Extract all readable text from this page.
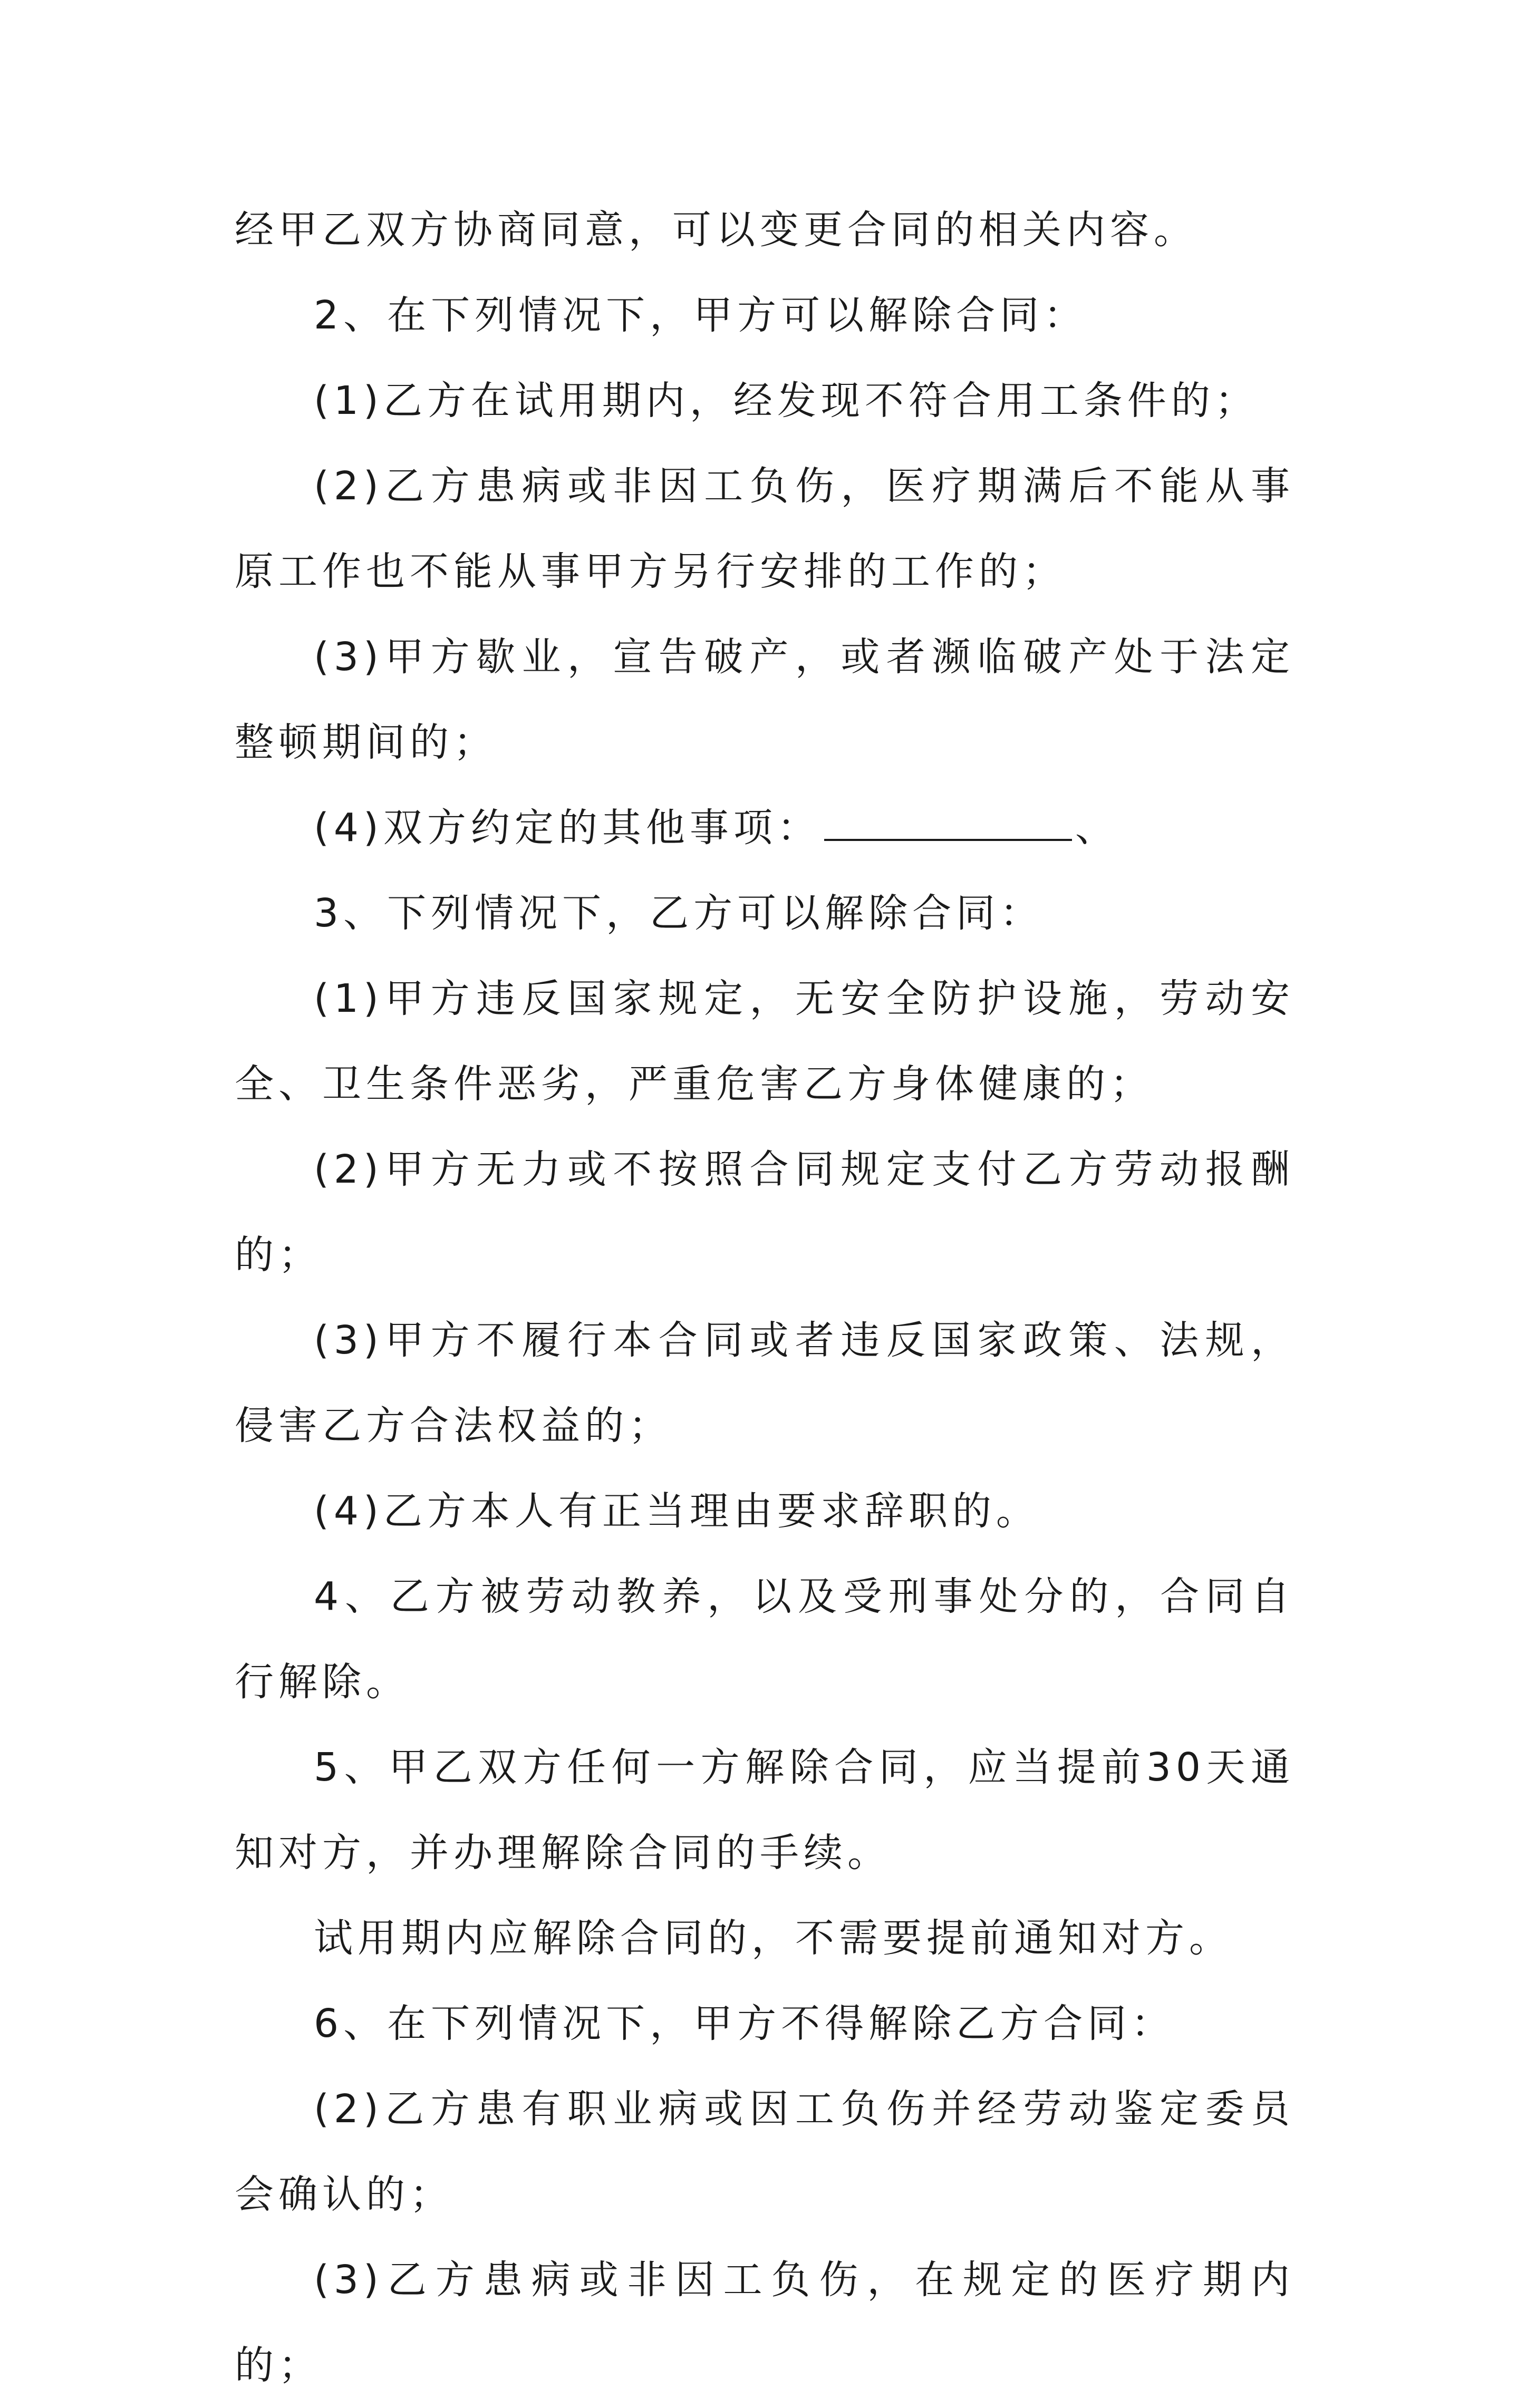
经甲乙双方协商同意，可以变更合同的相关内容。

2、在下列情况下，甲方可以解除合同：

(1)乙方在试用期内，经发现不符合用工条件的；

(2)乙方患病或非因工负伤，医疗期满后不能从事原工作也不能从事甲方另行安排的工作的；

(3)甲方歇业，宣告破产，或者濒临破产处于法定整顿期间的；

(4)双方约定的其他事项：	、

3、下列情况下，乙方可以解除合同：

(1)甲方违反国家规定，无安全防护设施，劳动安全、卫生条件恶劣，严重危害乙方身体健康的；

(2)甲方无力或不按照合同规定支付乙方劳动报酬的；

(3)甲方不履行本合同或者违反国家政策、法规，侵害乙方合法权益的；

(4)乙方本人有正当理由要求辞职的。

4、乙方被劳动教养，以及受刑事处分的，合同自行解除。

5、甲乙双方任何一方解除合同，应当提前30天通知对方，并办理解除合同的手续。

试用期内应解除合同的，不需要提前通知对方。

6、在下列情况下，甲方不得解除乙方合同：

(2)乙方患有职业病或因工负伤并经劳动鉴定委员会确认的；

(3)乙方患病或非因工负伤，在规定的医疗期内的；
